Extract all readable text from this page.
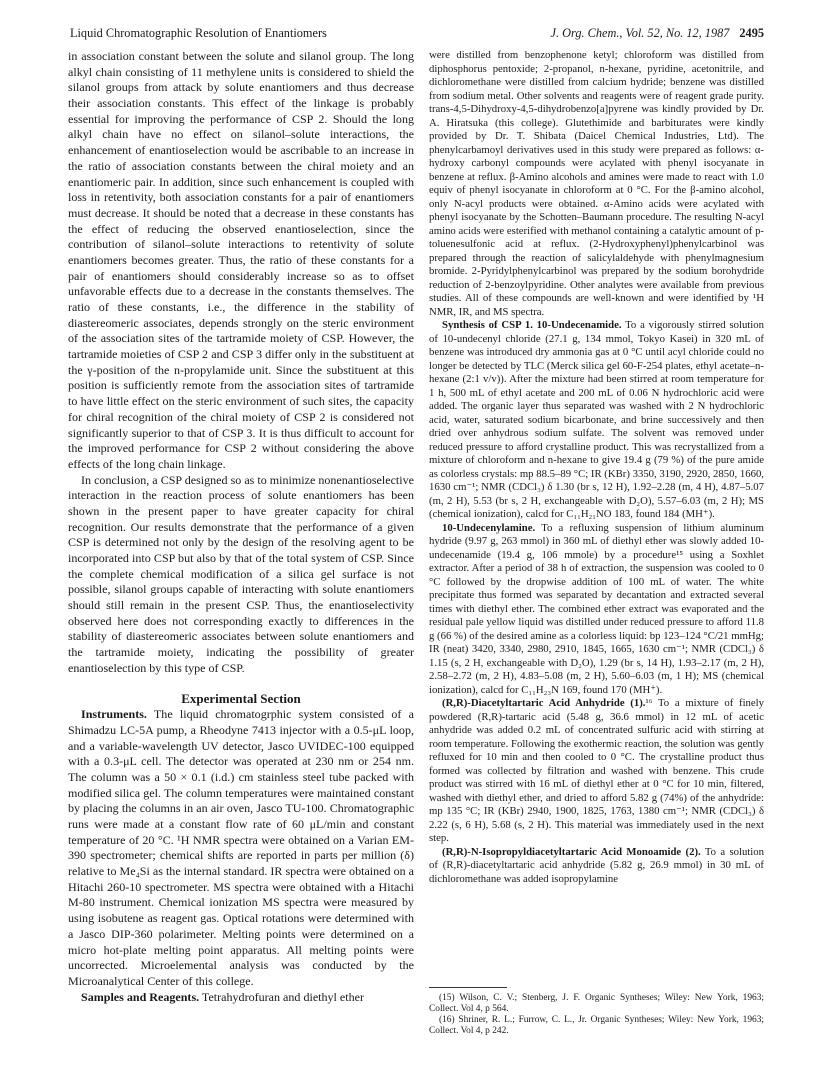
Liquid Chromatographic Resolution of Enantiomers	J. Org. Chem., Vol. 52, No. 12, 1987 2495

in association constant between the solute and silanol group. The long alkyl chain consisting of 11 methylene units is considered to shield the silanol groups from attack by solute enantiomers and thus decrease their association constants. This effect of the linkage is probably essential for improving the performance of CSP 2. Should the long alkyl chain have no effect on silanol–solute interactions, the enhancement of enantioselection would be ascribable to an increase in the ratio of association constants between the chiral moiety and an enantiomeric pair. In addition, since such enhancement is coupled with loss in retentivity, both association constants for a pair of enantiomers must decrease. It should be noted that a decrease in these constants has the effect of reducing the observed enantioselection, since the contribution of silanol–solute interactions to retentivity of solute enantiomers becomes greater. Thus, the ratio of these constants for a pair of enantiomers should considerably increase so as to offset unfavorable effects due to a decrease in the constants themselves. The ratio of these constants, i.e., the difference in the stability of diastereomeric associates, depends strongly on the steric environment of the association sites of the tartramide moiety of CSP. However, the tartramide moieties of CSP 2 and CSP 3 differ only in the substituent at the γ-position of the n-propylamide unit. Since the substituent at this position is sufficiently remote from the association sites of tartramide to have little effect on the steric environment of such sites, the capacity for chiral recognition of the chiral moiety of CSP 2 is considered not significantly superior to that of CSP 3. It is thus difficult to account for the improved performance for CSP 2 without considering the above effects of the long chain linkage.

In conclusion, a CSP designed so as to minimize nonenantioselective interaction in the reaction process of solute enantiomers has been shown in the present paper to have greater capacity for chiral recognition. Our results demonstrate that the performance of a given CSP is determined not only by the design of the resolving agent to be incorporated into CSP but also by that of the total system of CSP. Since the complete chemical modification of a silica gel surface is not possible, silanol groups capable of interacting with solute enantiomers should still remain in the present CSP. Thus, the enantioselectivity observed here does not corresponding exactly to differences in the stability of diastereomeric associates between solute enantiomers and the tartramide moiety, indicating the possibility of greater enantioselection by this type of CSP.

Experimental Section

Instruments. The liquid chromatogrphic system consisted of a Shimadzu LC-5A pump, a Rheodyne 7413 injector with a 0.5-μL loop, and a variable-wavelength UV detector, Jasco UVIDEC-100 equipped with a 0.3-μL cell. The detector was operated at 230 nm or 254 nm. The column was a 50 × 0.1 (i.d.) cm stainless steel tube packed with modified silica gel. The column temperatures were maintained constant by placing the columns in an air oven, Jasco TU-100. Chromatographic runs were made at a constant flow rate of 60 μL/min and constant temperature of 20 °C. ¹H NMR spectra were obtained on a Varian EM-390 spectrometer; chemical shifts are reported in parts per million (δ) relative to Me₄Si as the internal standard. IR spectra were obtained on a Hitachi 260-10 spectrometer. MS spectra were obtained with a Hitachi M-80 instrument. Chemical ionization MS spectra were measured by using isobutene as reagent gas. Optical rotations were determined with a Jasco DIP-360 polarimeter. Melting points were determined on a micro hot-plate melting point apparatus. All melting points were uncorrected. Microelemental analysis was conducted by the Microanalytical Center of this college.

Samples and Reagents. Tetrahydrofuran and diethyl ether

were distilled from benzophenone ketyl; chloroform was distilled from diphosphorus pentoxide; 2-propanol, n-hexane, pyridine, acetonitrile, and dichloromethane were distilled from calcium hydride; benzene was distilled from sodium metal. Other solvents and reagents were of reagent grade purity. trans-4,5-Dihydroxy-4,5-dihydrobenzo[a]pyrene was kindly provided by Dr. A. Hiratsuka (this college). Glutethimide and barbiturates were kindly provided by Dr. T. Shibata (Daicel Chemical Industries, Ltd). The phenylcarbamoyl derivatives used in this study were prepared as follows: α-hydroxy carbonyl compounds were acylated with phenyl isocyanate in benzene at reflux. β-Amino alcohols and amines were made to react with 1.0 equiv of phenyl isocyanate in chloroform at 0 °C. For the β-amino alcohol, only N-acyl products were obtained. α-Amino acids were acylated with phenyl isocyanate by the Schotten–Baumann procedure. The resulting N-acyl amino acids were esterified with methanol containing a catalytic amount of p-toluenesulfonic acid at reflux. (2-Hydroxyphenyl)phenylcarbinol was prepared through the reaction of salicylaldehyde with phenylmagnesium bromide. 2-Pyridylphenylcarbinol was prepared by the sodium borohydride reduction of 2-benzoylpyridine. Other analytes were available from previous studies. All of these compounds are well-known and were identified by ¹H NMR, IR, and MS spectra.

Synthesis of CSP 1. 10-Undecenamide. To a vigorously stirred solution of 10-undecenyl chloride (27.1 g, 134 mmol, Tokyo Kasei) in 320 mL of benzene was introduced dry ammonia gas at 0 °C until acyl chloride could no longer be detected by TLC (Merck silica gel 60-F-254 plates, ethyl acetate–n-hexane (2:1 v/v)). After the mixture had been stirred at room temperature for 1 h, 500 mL of ethyl acetate and 200 mL of 0.06 N hydrochloric acid were added. The organic layer thus separated was washed with 2 N hydrochloric acid, water, saturated sodium bicarbonate, and brine successively and then dried over anhydrous sodium sulfate. The solvent was removed under reduced pressure to afford crystalline product. This was recrystallized from a mixture of chloroform and n-hexane to give 19.4 g (79 %) of the pure amide as colorless crystals: mp 88.5–89 °C; IR (KBr) 3350, 3190, 2920, 2850, 1660, 1630 cm⁻¹; NMR (CDCl₃) δ 1.30 (br s, 12 H), 1.92–2.28 (m, 4 H), 4.87–5.07 (m, 2 H), 5.53 (br s, 2 H, exchangeable with D₂O), 5.57–6.03 (m, 2 H); MS (chemical ionization), calcd for C₁₁H₂₁NO 183, found 184 (MH⁺).

10-Undecenylamine. To a refluxing suspension of lithium aluminum hydride (9.97 g, 263 mmol) in 360 mL of diethyl ether was slowly added 10-undecenamide (19.4 g, 106 mmole) by a procedure¹⁵ using a Soxhlet extractor. After a period of 38 h of extraction, the suspension was cooled to 0 °C followed by the dropwise addition of 100 mL of water. The white precipitate thus formed was separated by decantation and extracted several times with diethyl ether. The combined ether extract was evaporated and the residual pale yellow liquid was distilled under reduced pressure to afford 11.8 g (66 %) of the desired amine as a colorless liquid: bp 123–124 °C/21 mmHg; IR (neat) 3420, 3340, 2980, 2910, 1845, 1665, 1630 cm⁻¹; NMR (CDCl₃) δ 1.15 (s, 2 H, exchangeable with D₂O), 1.29 (br s, 14 H), 1.93–2.17 (m, 2 H), 2.58–2.72 (m, 2 H), 4.83–5.08 (m, 2 H), 5.60–6.03 (m, 1 H); MS (chemical ionization), calcd for C₁₁H₂₃N 169, found 170 (MH⁺).

(R,R)-Diacetyltartaric Acid Anhydride (1).¹⁶ To a mixture of finely powdered (R,R)-tartaric acid (5.48 g, 36.6 mmol) in 12 mL of acetic anhydride was added 0.2 mL of concentrated sulfuric acid with stirring at room temperature. Following the exothermic reaction, the solution was gently refluxed for 10 min and then cooled to 0 °C. The crystalline product thus formed was collected by filtration and washed with benzene. This crude product was stirred with 16 mL of diethyl ether at 0 °C for 10 min, filtered, washed with diethyl ether, and dried to afford 5.82 g (74%) of the anhydride: mp 135 °C; IR (KBr) 2940, 1900, 1825, 1763, 1380 cm⁻¹; NMR (CDCl₃) δ 2.22 (s, 6 H), 5.68 (s, 2 H). This material was immediately used in the next step.

(R,R)-N-Isopropyldiacetyltartaric Acid Monoamide (2). To a solution of (R,R)-diacetyltartaric acid anhydride (5.82 g, 26.9 mmol) in 30 mL of dichloromethane was added isopropylamine

(15) Wilson, C. V.; Stenberg, J. F. Organic Syntheses; Wiley: New York, 1963; Collect. Vol 4, p 564.

(16) Shriner, R. L.; Furrow, C. L., Jr. Organic Syntheses; Wiley: New York, 1963; Collect. Vol 4, p 242.
